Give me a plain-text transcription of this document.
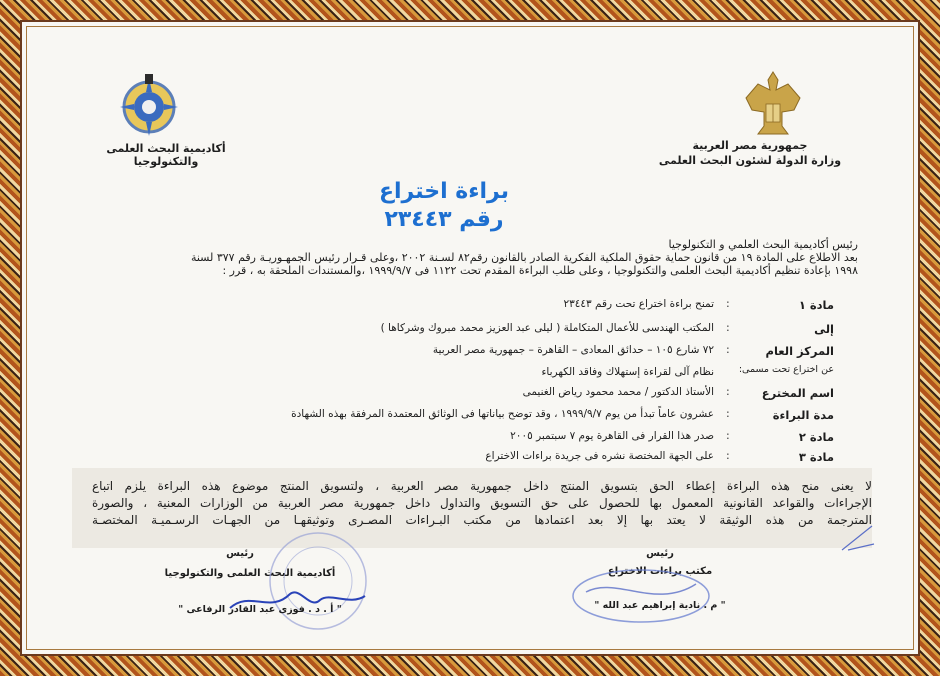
جمهورية مصر العربية
وزارة الدولة لشئون البحث العلمى
أكاديمية البحث العلمى والتكنولوجيا
براءة اختراع
رقم ٢٣٤٤٣
رئيس أكاديمية البحث العلمي و التكنولوجيا
بعد الاطلاع على المادة ١٩ من قانون حماية حقوق الملكية الفكرية الصادر بالقانون رقم٨٢ لسـنة ٢٠٠٢ ،وعلى قـرار رئيس الجمهـوريـة رقم ٣٧٧ لسنة
١٩٩٨ بإعادة تنظيم أكاديمية البحث العلمى والتكنولوجيا ، وعلى طلب البراءة المقدم تحت ١١٢٢ فى ١٩٩٩/٩/٧ ،والمستندات الملحقة به ، قرر :
مادة ١
:
تمنح براءة اختراع تحت رقم ٢٣٤٤٣
إلى
:
المكتب الهندسى للأعمال المتكاملة ( ليلى عبد العزيز محمد مبروك وشركاها )
المركز العام
:
٧٢ شارع ١٠٥ – حدائق المعادى – القاهرة – جمهورية مصر العربية
عن اختراع تحت مسمى:
نظام آلى لقراءة إستهلاك وفاقد الكهرباء
اسم المخترع
:
الأستاذ الدكتور / محمد محمود رياض الغنيمى
مدة البراءة
:
عشرون عاماً تبدأ من يوم ١٩٩٩/٩/٧ ، وقد توضح بياناتها فى الوثائق المعتمدة المرفقة بهذه الشهادة
مادة ٢
:
صدر هذا القرار فى القاهرة يوم ٧ سبتمبر ٢٠٠٥
مادة ٣
:
على الجهة المختصة نشره فى جريدة براءات الاختراع
لا يعنى منح هذه البراءة إعطاء الحق بتسويق المنتج داخل جمهورية مصر العربية ، ولتسويق المنتج موضوع هذه البراءة يلزم اتباع
الإجراءات والقواعد القانونية المعمول بها للحصول على حق التسويق والتداول داخل جمهورية مصر العربية من الوزارات المعنية ، والصورة
المترجمة من هذه الوثيقة لا يعتد بها إلا بعد اعتمادها من مكتب البـراءات المصـرى وتوثيقهـا من الجهـات الرسـميـة المختصـة
رئيس
مكتب براءات الاختراع
" م . نادية إبراهيم عبد الله "
رئيس
أكاديمية البحث العلمى والتكنولوجيا
" أ . د . فوزى عبد القادر الرفاعى "
